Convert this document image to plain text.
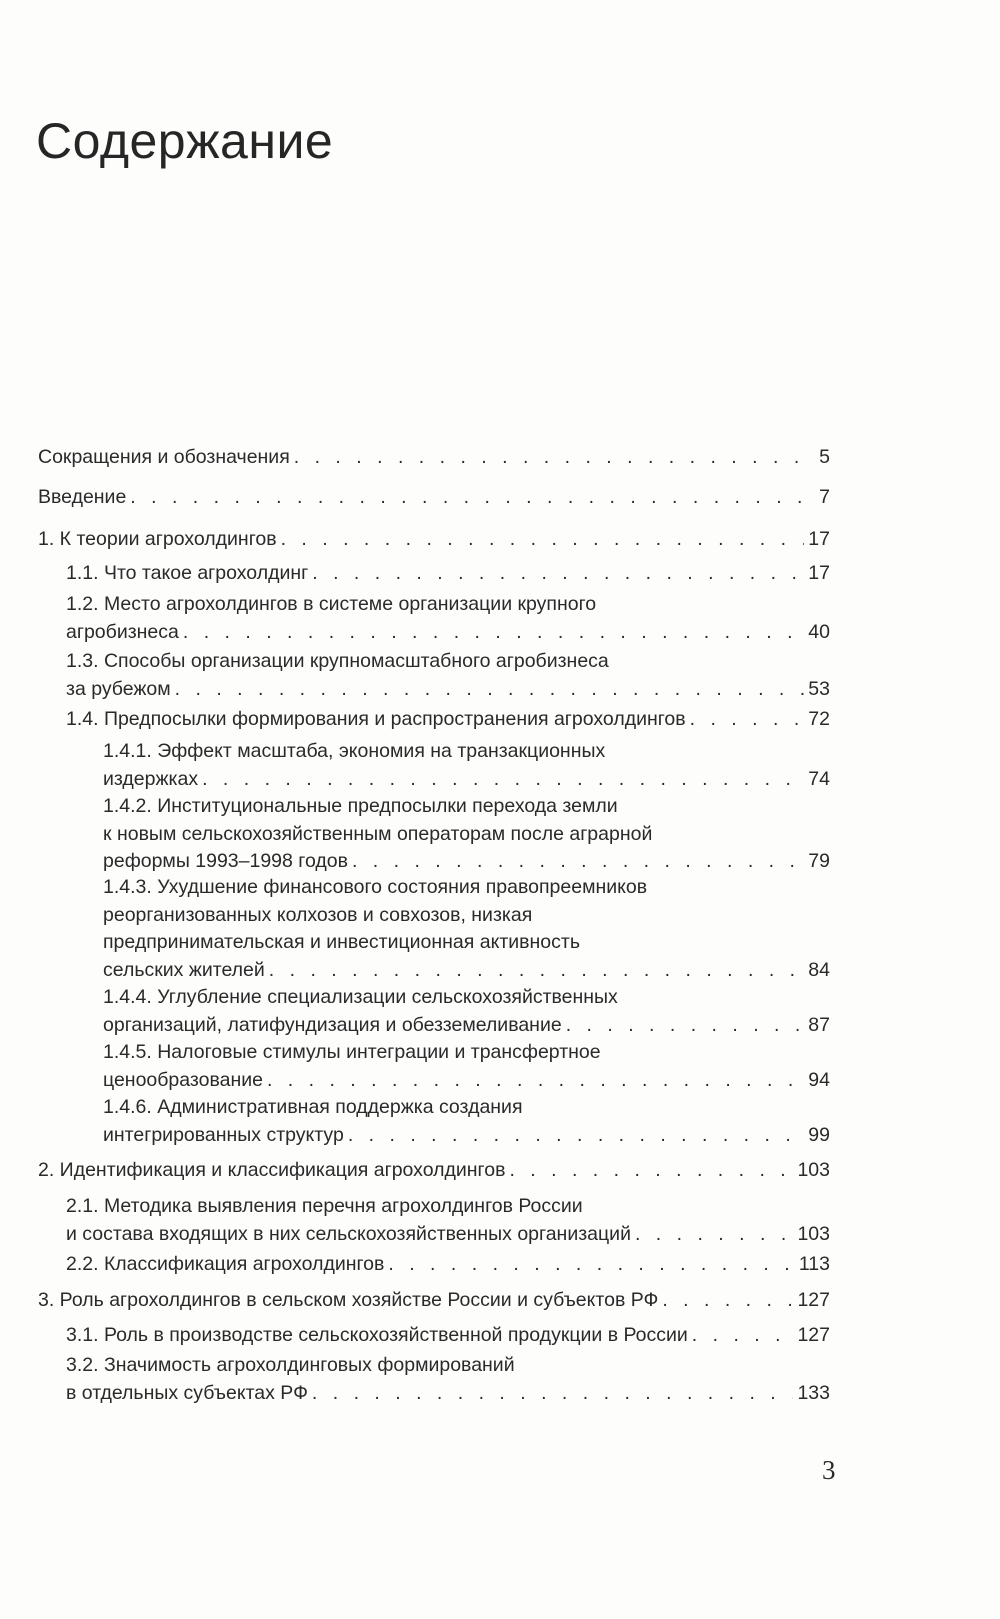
Содержание
Сокращения и обозначения . . .	5
Введение . . .	7
1. К теории агрохолдингов . . .	17
1.1. Что такое агрохолдинг . . .	17
1.2. Место агрохолдингов в системе организации крупного
агробизнеса . . .	40
1.3. Способы организации крупномасштабного агробизнеса
за рубежом . . .	53
1.4. Предпосылки формирования и распространения агрохолдингов . . .	72
1.4.1. Эффект масштаба, экономия на транзакционных
издержках . . .	74
1.4.2. Институциональные предпосылки перехода земли
к новым сельскохозяйственным операторам после аграрной
реформы 1993–1998 годов . . .	79
1.4.3. Ухудшение финансового состояния правопреемников
реорганизованных колхозов и совхозов, низкая
предпринимательская и инвестиционная активность
сельских жителей . . .	84
1.4.4. Углубление специализации сельскохозяйственных
организаций, латифундизация и обезземеливание . . .	87
1.4.5. Налоговые стимулы интеграции и трансфертное
ценообразование . . .	94
1.4.6. Административная поддержка создания
интегрированных структур . . .	99
2. Идентификация и классификация агрохолдингов . . .	103
2.1. Методика выявления перечня агрохолдингов России
и состава входящих в них сельскохозяйственных организаций . . .	103
2.2. Классификация агрохолдингов . . .	113
3. Роль агрохолдингов в сельском хозяйстве России и субъектов РФ . . .	127
3.1. Роль в производстве сельскохозяйственной продукции в России . . .	127
3.2. Значимость агрохолдинговых формирований
в отдельных субъектах РФ . . .	133
3
